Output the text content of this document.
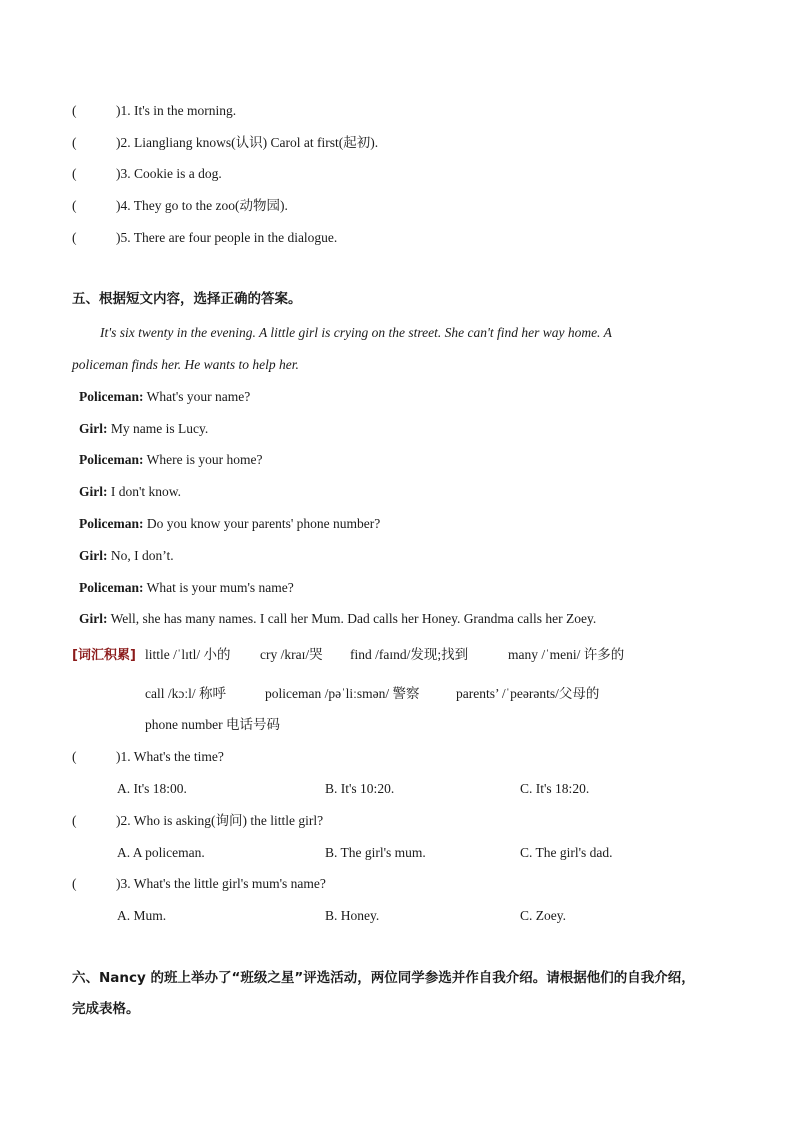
(	)1. It's in the morning.
(	)2. Liangliang knows(认识) Carol at first(起初).
(	)3. Cookie is a dog.
(	)4. They go to the zoo(动物园).
(	)5. There are four people in the dialogue.
五、根据短文内容，选择正确的答案。
It's six twenty in the evening. A little girl is crying on the street. She can't find her way home. A
policeman finds her. He wants to help her.
Policeman: What's your name?
Girl: My name is Lucy.
Policeman: Where is your home?
Girl: I don't know.
Policeman: Do you know your parents' phone number?
Girl: No, I don’t.
Policeman: What is your mum's name?
Girl: Well, she has many names. I call her Mum. Dad calls her Honey. Grandma calls her Zoey.
[词汇积累] little /ˈlɪtl/ 小的 cry /kraɪ/哭 find /faɪnd/发现;找到	many /ˈmeni/ 许多的
call /kɔːl/ 称呼	policeman /pəˈliːsmən/ 警察	parents’ /ˈpeərənts/父母的
phone number 电话号码
(	)1. What's the time?
A. It's 18:00.	B. It's 10:20.	C. It's 18:20.
(	)2. Who is asking(询问) the little girl?
A. A policeman.	B. The girl's mum.	C. The girl's dad.
(	)3. What's the little girl's mum's name?
A. Mum.	B. Honey.	C. Zoey.
六、Nancy 的班上举办了“班级之星”评选活动，两位同学参选并作自我介绍。请根据他们的自我介绍，
完成表格。
